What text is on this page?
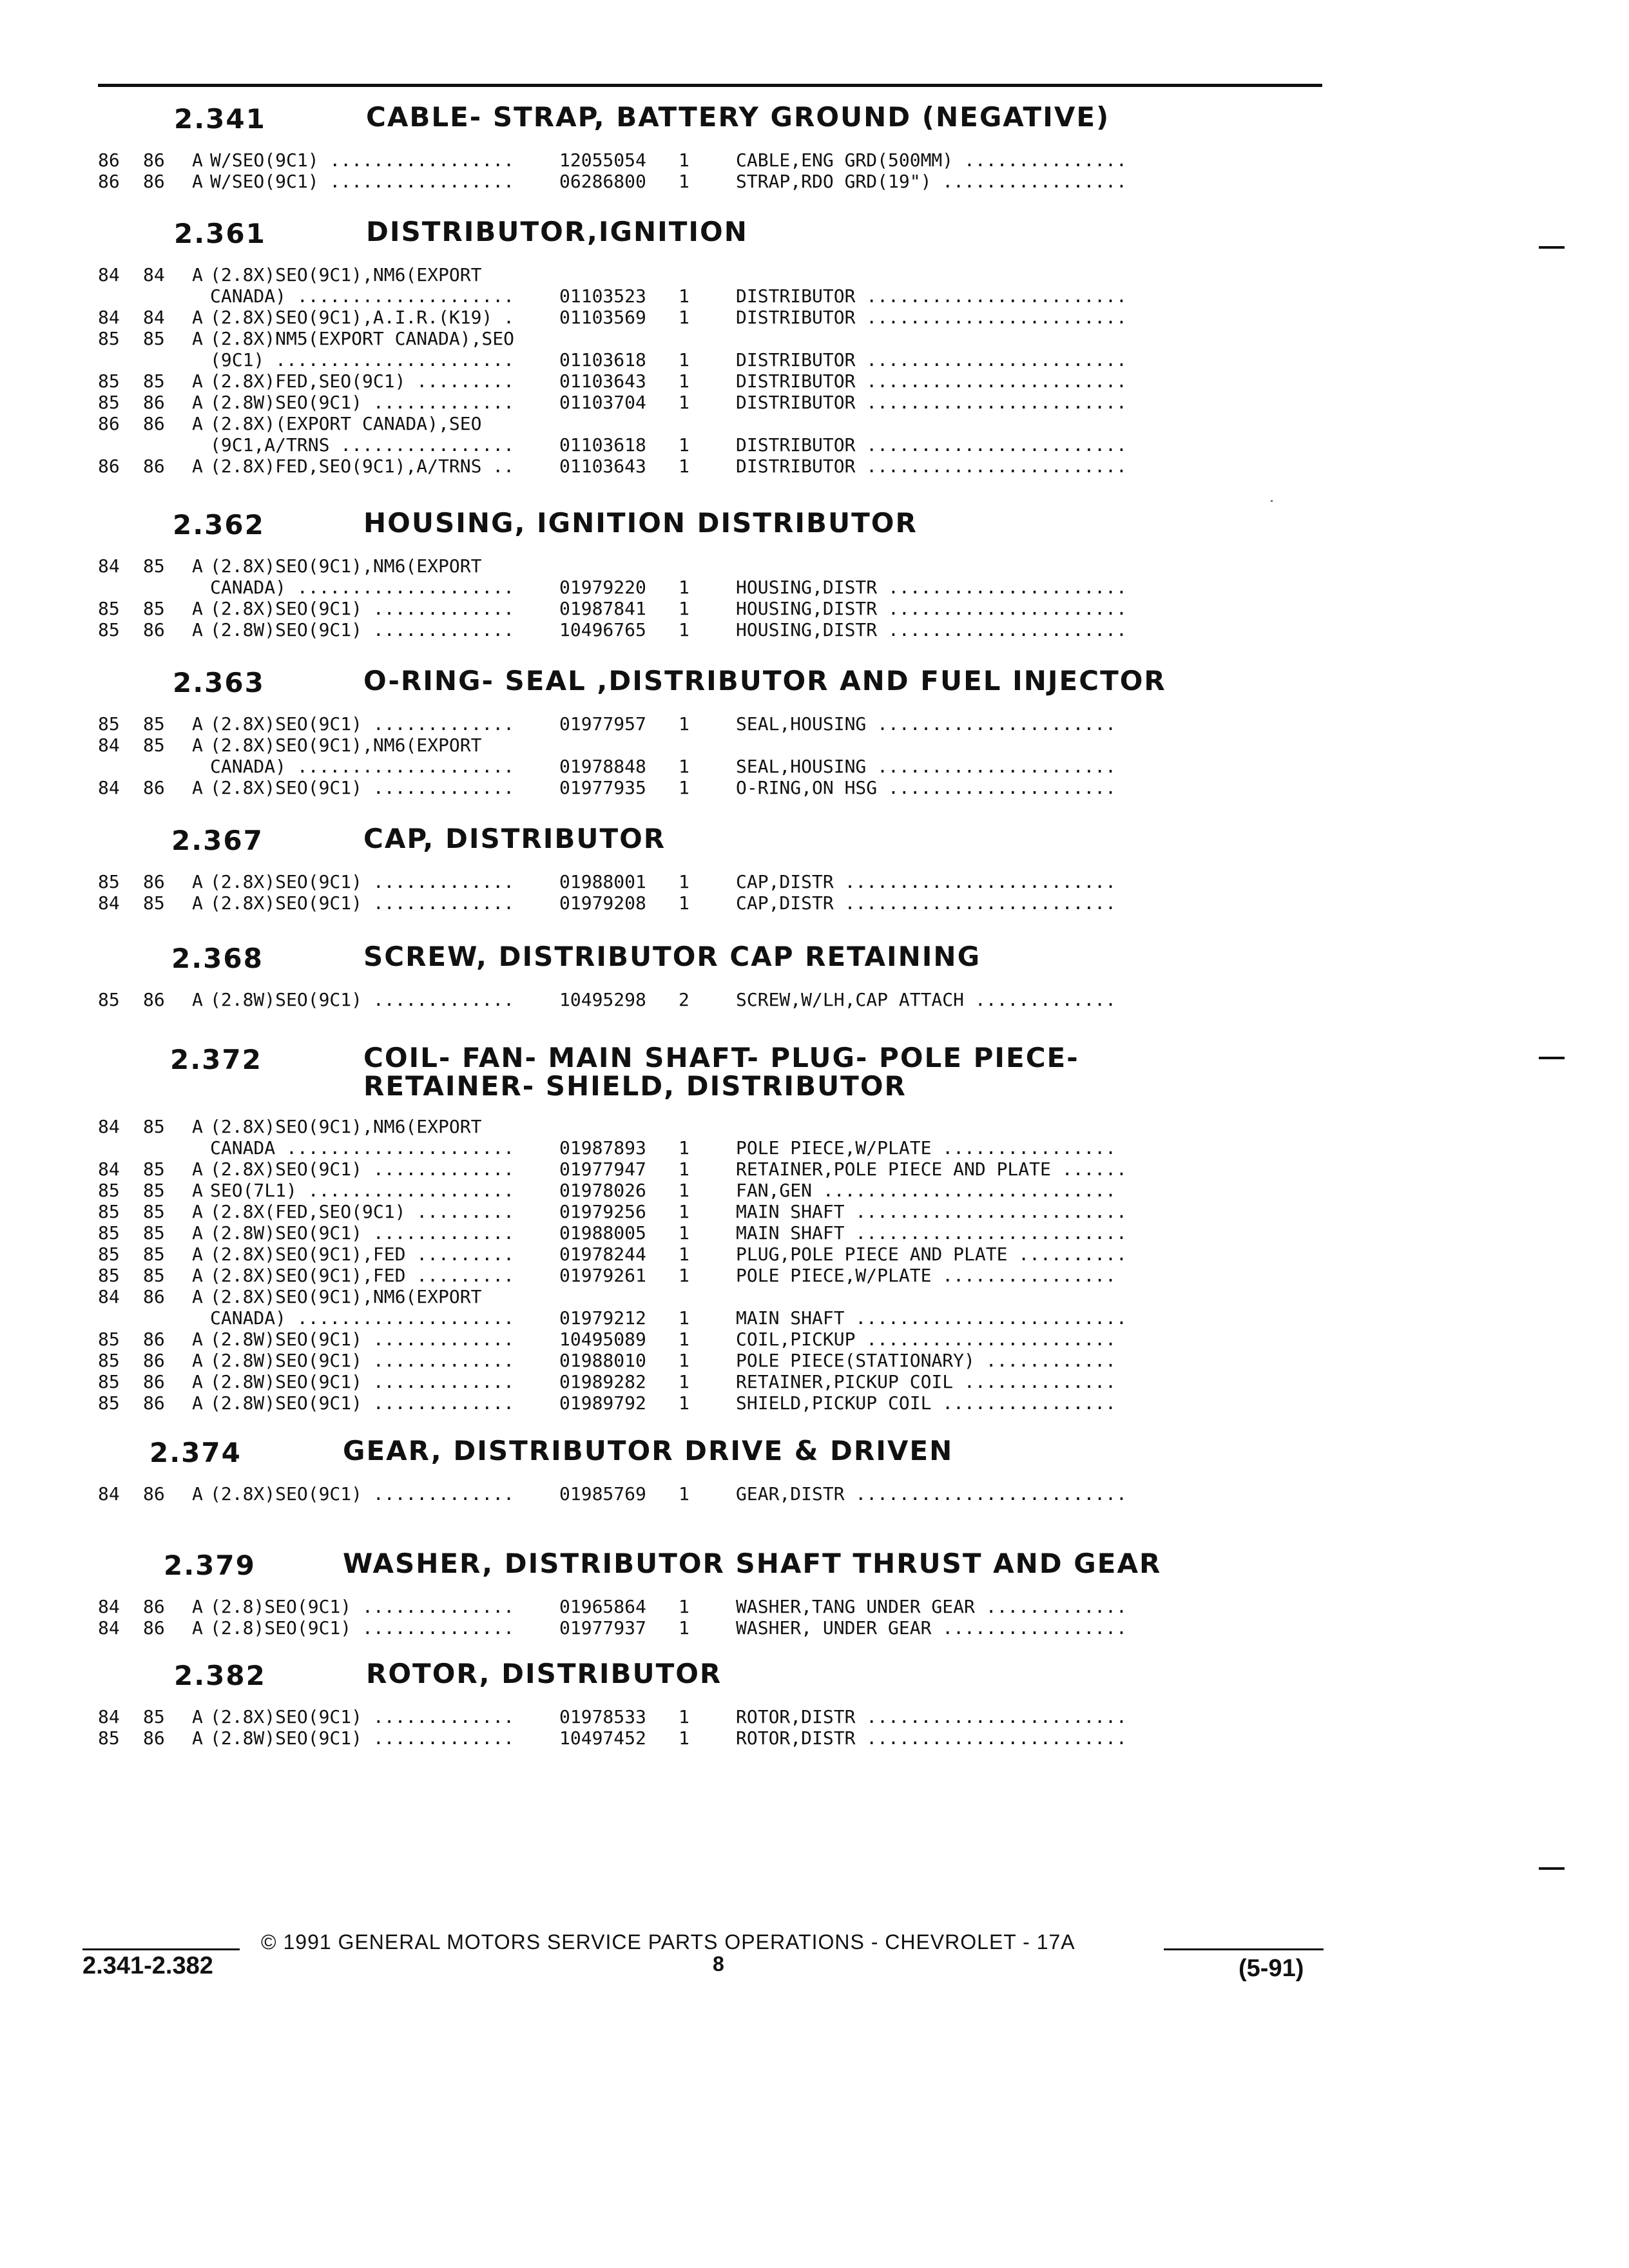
2.341	CABLE- STRAP, BATTERY GROUND (NEGATIVE)
86 86 A W/SEO(9C1) .................	12055054 1	CABLE,ENG GRD(500MM) ...............
86 86 A W/SEO(9C1) .................	06286800 1	STRAP,RDO GRD(19") .................
2.361	DISTRIBUTOR,IGNITION
84 84 A (2.8X)SEO(9C1),NM6(EXPORT
CANADA) ....................	01103523 1	DISTRIBUTOR ........................
84 84 A (2.8X)SEO(9C1),A.I.R.(K19) .	01103569 1	DISTRIBUTOR ........................
85 85 A (2.8X)NM5(EXPORT CANADA),SEO
(9C1) ......................	01103618 1	DISTRIBUTOR ........................
85 85 A (2.8X)FED,SEO(9C1) .........	01103643 1	DISTRIBUTOR ........................
85 86 A (2.8W)SEO(9C1) .............	01103704 1	DISTRIBUTOR ........................
86 86 A (2.8X)(EXPORT CANADA),SEO
(9C1,A/TRNS ................	01103618 1	DISTRIBUTOR ........................
86 86 A (2.8X)FED,SEO(9C1),A/TRNS ..	01103643 1	DISTRIBUTOR ........................
2.362	HOUSING, IGNITION DISTRIBUTOR
84 85 A (2.8X)SEO(9C1),NM6(EXPORT
CANADA) ....................	01979220 1	HOUSING,DISTR ......................
85 85 A (2.8X)SEO(9C1) .............	01987841 1	HOUSING,DISTR ......................
85 86 A (2.8W)SEO(9C1) .............	10496765 1	HOUSING,DISTR ......................
2.363	O-RING- SEAL ,DISTRIBUTOR AND FUEL INJECTOR
85 85 A (2.8X)SEO(9C1) .............	01977957 1	SEAL,HOUSING ......................
84 85 A (2.8X)SEO(9C1),NM6(EXPORT
CANADA) ....................	01978848 1	SEAL,HOUSING ......................
84 86 A (2.8X)SEO(9C1) .............	01977935 1	O-RING,ON HSG .....................
2.367	CAP, DISTRIBUTOR
85 86 A (2.8X)SEO(9C1) .............	01988001 1	CAP,DISTR .........................
84 85 A (2.8X)SEO(9C1) .............	01979208 1	CAP,DISTR .........................
2.368	SCREW, DISTRIBUTOR CAP RETAINING
85 86 A (2.8W)SEO(9C1) .............	10495298 2	SCREW,W/LH,CAP ATTACH .............
2.372	COIL- FAN- MAIN SHAFT- PLUG- POLE PIECE-
RETAINER- SHIELD, DISTRIBUTOR
84 85 A (2.8X)SEO(9C1),NM6(EXPORT
CANADA .....................	01987893 1	POLE PIECE,W/PLATE ................
84 85 A (2.8X)SEO(9C1) .............	01977947 1	RETAINER,POLE PIECE AND PLATE ......
85 85 A SEO(7L1) ...................	01978026 1	FAN,GEN ...........................
85 85 A (2.8X(FED,SEO(9C1) .........	01979256 1	MAIN SHAFT .........................
85 85 A (2.8W)SEO(9C1) .............	01988005 1	MAIN SHAFT .........................
85 85 A (2.8X)SEO(9C1),FED .........	01978244 1	PLUG,POLE PIECE AND PLATE ..........
85 85 A (2.8X)SEO(9C1),FED .........	01979261 1	POLE PIECE,W/PLATE ................
84 86 A (2.8X)SEO(9C1),NM6(EXPORT
CANADA) ....................	01979212 1	MAIN SHAFT .........................
85 86 A (2.8W)SEO(9C1) .............	10495089 1	COIL,PICKUP .......................
85 86 A (2.8W)SEO(9C1) .............	01988010 1	POLE PIECE(STATIONARY) ............
85 86 A (2.8W)SEO(9C1) .............	01989282 1	RETAINER,PICKUP COIL ..............
85 86 A (2.8W)SEO(9C1) .............	01989792 1	SHIELD,PICKUP COIL ................
2.374	GEAR, DISTRIBUTOR DRIVE & DRIVEN
84 86 A (2.8X)SEO(9C1) .............	01985769 1	GEAR,DISTR .........................
2.379	WASHER, DISTRIBUTOR SHAFT THRUST AND GEAR
84 86 A (2.8)SEO(9C1) ..............	01965864 1	WASHER,TANG UNDER GEAR .............
84 86 A (2.8)SEO(9C1) ..............	01977937 1	WASHER, UNDER GEAR .................
2.382	ROTOR, DISTRIBUTOR
84 85 A (2.8X)SEO(9C1) .............	01978533 1	ROTOR,DISTR ........................
85 86 A (2.8W)SEO(9C1) .............	10497452 1	ROTOR,DISTR ........................
2.341-2.382
© 1991 GENERAL MOTORS SERVICE PARTS OPERATIONS - CHEVROLET - 17A
8	(5-91)
